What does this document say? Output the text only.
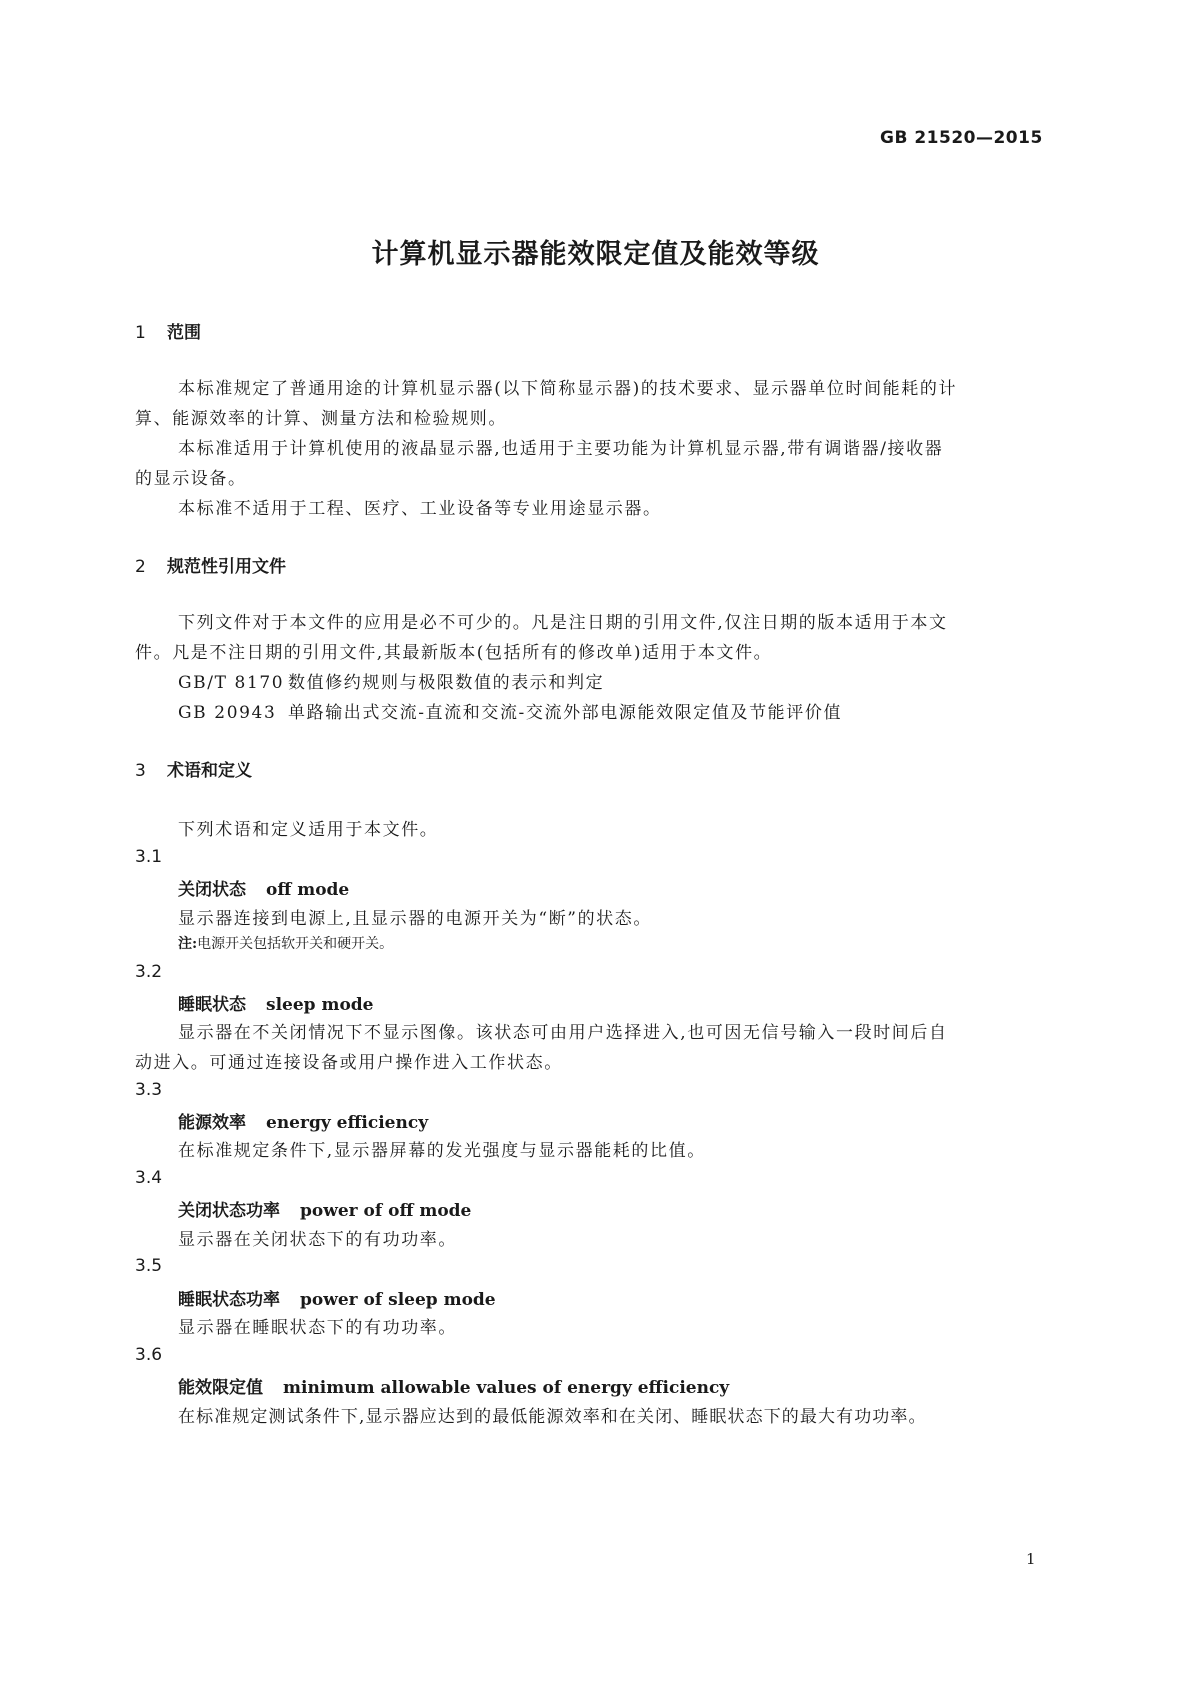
GB 21520—2015
计算机显示器能效限定值及能效等级
1 范围
本标准规定了普通用途的计算机显示器(以下简称显示器)的技术要求、显示器单位时间能耗的计
算、能源效率的计算、测量方法和检验规则。
本标准适用于计算机使用的液晶显示器,也适用于主要功能为计算机显示器,带有调谐器/接收器
的显示设备。
本标准不适用于工程、医疗、工业设备等专业用途显示器。
2 规范性引用文件
下列文件对于本文件的应用是必不可少的。凡是注日期的引用文件,仅注日期的版本适用于本文
件。凡是不注日期的引用文件,其最新版本(包括所有的修改单)适用于本文件。
GB/T 8170 数值修约规则与极限数值的表示和判定
GB 20943 单路输出式交流-直流和交流-交流外部电源能效限定值及节能评价值
3 术语和定义
下列术语和定义适用于本文件。
3.1
关闭状态 off mode
显示器连接到电源上,且显示器的电源开关为“断”的状态。
注:电源开关包括软开关和硬开关。
3.2
睡眠状态 sleep mode
显示器在不关闭情况下不显示图像。该状态可由用户选择进入,也可因无信号输入一段时间后自
动进入。可通过连接设备或用户操作进入工作状态。
3.3
能源效率 energy efficiency
在标准规定条件下,显示器屏幕的发光强度与显示器能耗的比值。
3.4
关闭状态功率 power of off mode
显示器在关闭状态下的有功功率。
3.5
睡眠状态功率 power of sleep mode
显示器在睡眠状态下的有功功率。
3.6
能效限定值 minimum allowable values of energy efficiency
在标准规定测试条件下,显示器应达到的最低能源效率和在关闭、睡眠状态下的最大有功功率。
1
